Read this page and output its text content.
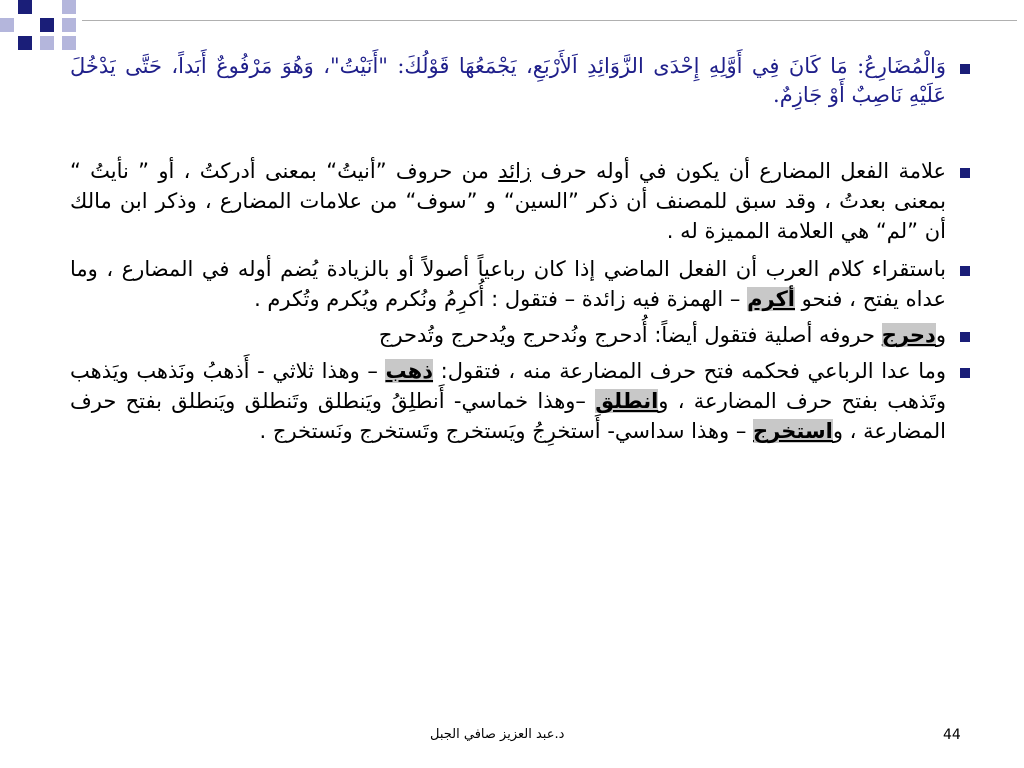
وَالْمُضَارِعُ: مَا كَانَ فِي أَوَّلِهِ إِحْدَى الزَّوَائِدِ اَلأَرْبَعِ، يَجْمَعُهَا قَوْلُكَ: "أَنَيْتُ"، وَهُوَ مَرْفُوعٌ أَبَداً، حَتَّى يَدْخُلَ عَلَيْهِ نَاصِبٌ أَوْ جَازِمٌ.
علامة الفعل المضارع أن يكون في أوله حرف زائد من حروف ”أنيتُ“ بمعنى أدركتُ ، أو ” نأيتُ “ بمعنى بعدتُ ، وقد سبق للمصنف أن ذكر ”السين“ و ”سوف“ من علامات المضارع ، وذكر ابن مالك أن ”لم“ هي العلامة المميزة له .
باستقراء كلام العرب أن الفعل الماضي إذا كان رباعياً أصولاً أو بالزيادة يُضم أوله في المضارع ، وما عداه يفتح ، فنحو أكرم – الهمزة فيه زائدة – فتقول : أُكرِمُ ونُكرم ويُكرم وتُكرم .
ودحرج حروفه أصلية فتقول أيضاً: أُدحرج ونُدحرج ويُدحرج وتُدحرج
وما عدا الرباعي فحكمه فتح حرف المضارعة منه ، فتقول: ذهب – وهذا ثلاثي - أَذهبُ ونَذهب ويَذهب وتَذهب بفتح حرف المضارعة ، وانطلق –وهذا خماسي- أَنطلِقُ ويَنطلق وتَنطلق ويَنطلق بفتح حرف المضارعة ، واستخرج – وهذا سداسي- أَستخرِجُ ويَستخرج وتَستخرج ونَستخرج .
د.عبد العزيز صافي الجبل	44
